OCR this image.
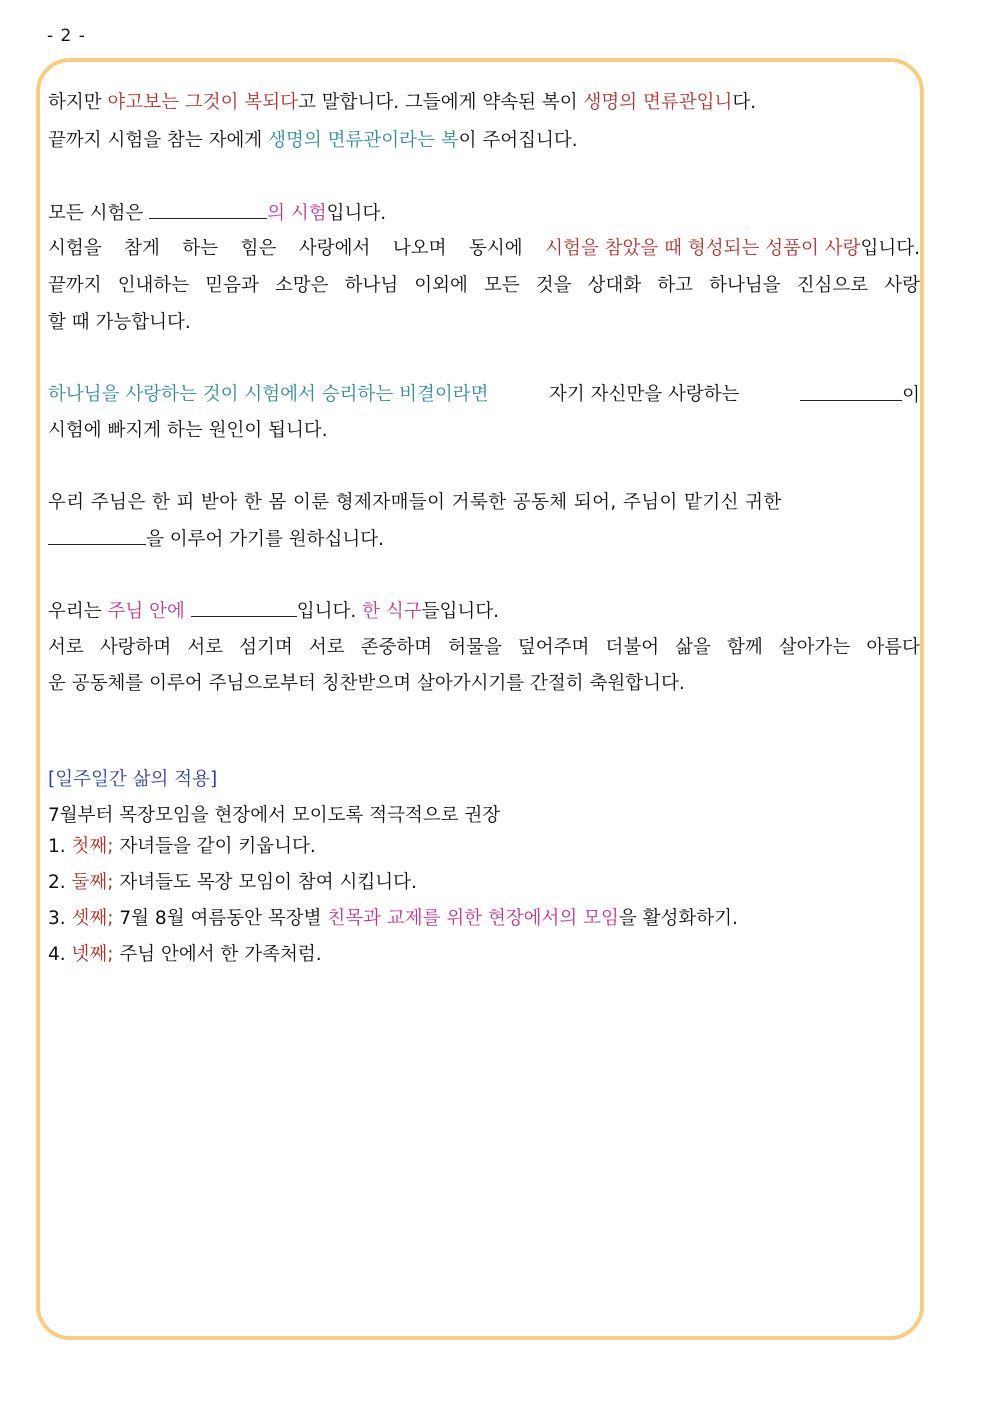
- 2 -
하지만 야고보는 그것이 복되다고 말합니다. 그들에게 약속된 복이 생명의 면류관입니다.
끝까지 시험을 참는 자에게 생명의 면류관이라는 복이 주어집니다.
모든 시험은	의 시험입니다.
시험을 참게 하는 힘은 사랑에서 나오며 동시에 시험을 참았을 때 형성되는 성품이 사랑입니다.
끝까지 인내하는 믿음과 소망은 하나님 이외에 모든 것을 상대화 하고 하나님을 진심으로 사랑
할 때 가능합니다.
하나님을 사랑하는 것이 시험에서 승리하는 비결이라면	자기 자신만을 사랑하는	이
시험에 빠지게 하는 원인이 됩니다.
우리 주님은 한 피 받아 한 몸 이룬 형제자매들이 거룩한 공동체 되어, 주님이 맡기신 귀한
을 이루어 가기를 원하십니다.
우리는 주님 안에	입니다. 한 식구들입니다.
서로 사랑하며 서로 섬기며 서로 존중하며 허물을 덮어주며 더불어 삶을 함께 살아가는 아름다
운 공동체를 이루어 주님으로부터 칭찬받으며 살아가시기를 간절히 축원합니다.
[일주일간 삶의 적용]
7월부터 목장모임을 현장에서 모이도록 적극적으로 권장
1. 첫째; 자녀들을 같이 키웁니다.
2. 둘째; 자녀들도 목장 모임이 참여 시킵니다.
3. 셋째; 7월 8월 여름동안 목장별 친목과 교제를 위한 현장에서의 모임을 활성화하기.
4. 넷째; 주님 안에서 한 가족처럼.
